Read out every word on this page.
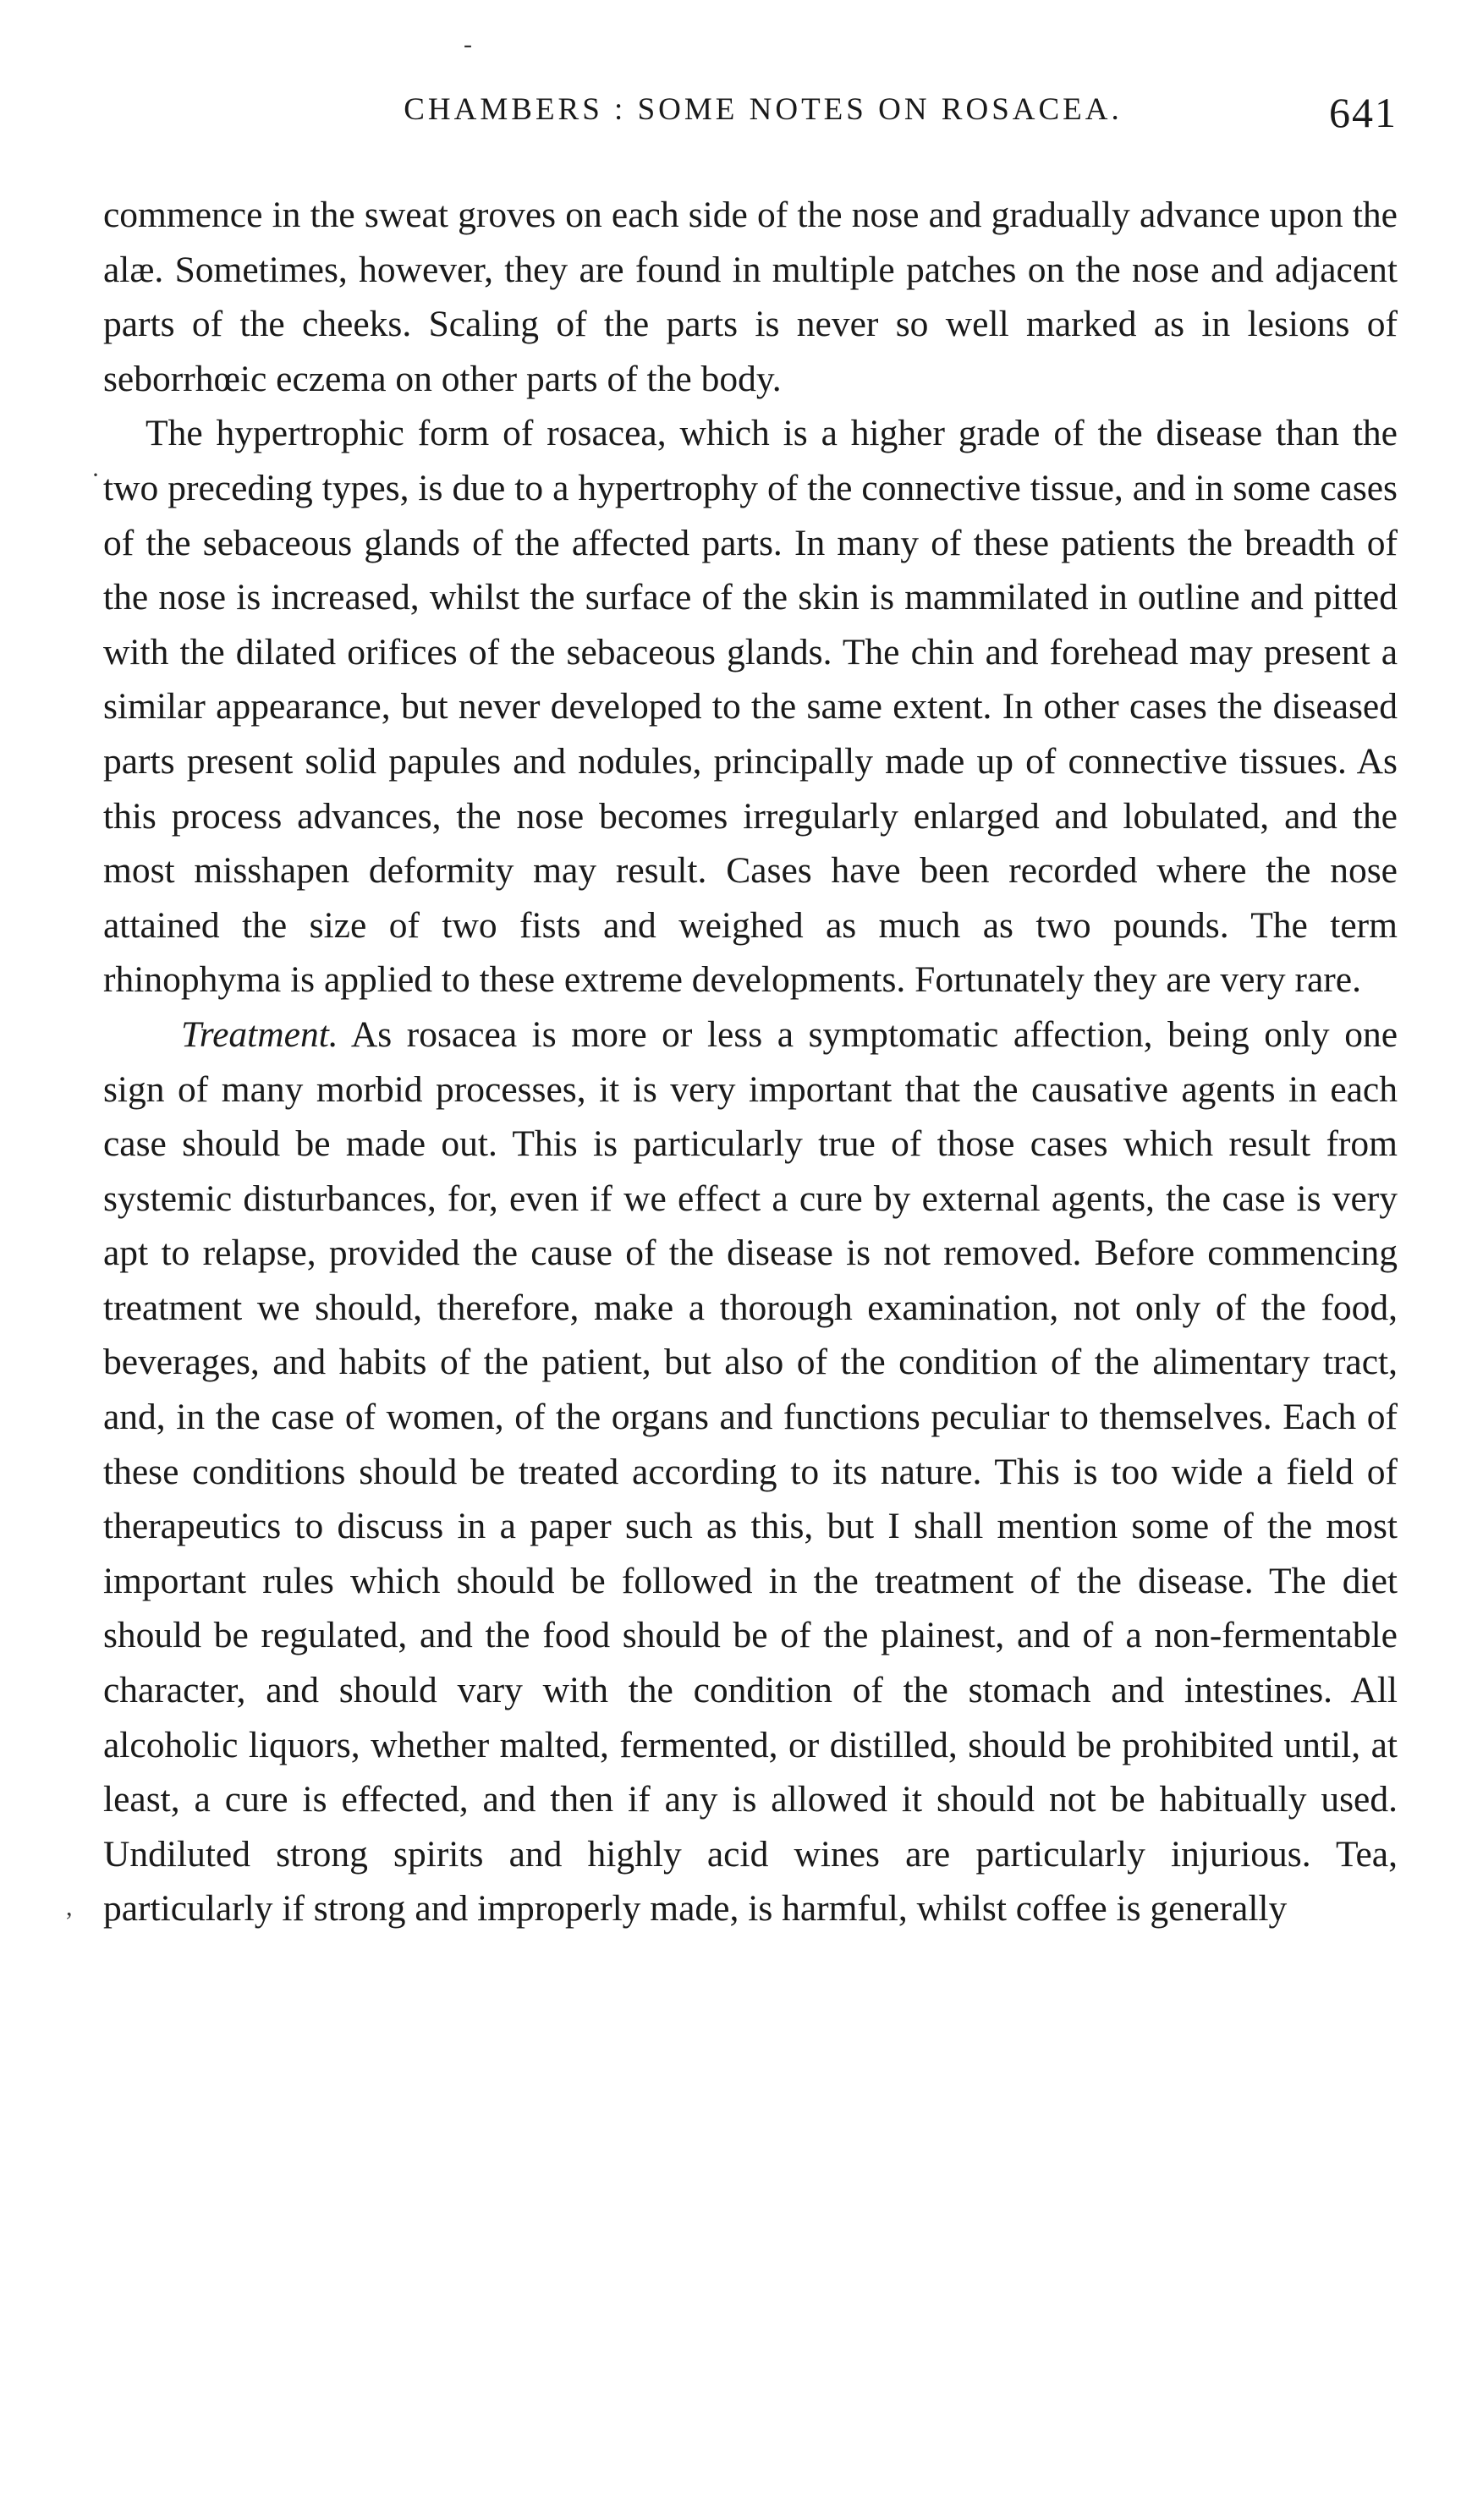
CHAMBERS : SOME NOTES ON ROSACEA.	641

commence in the sweat groves on each side of the nose and gradually advance upon the alæ. Sometimes, however, they are found in multiple patches on the nose and adjacent parts of the cheeks. Scaling of the parts is never so well marked as in lesions of seborrhœic eczema on other parts of the body.

The hypertrophic form of rosacea, which is a higher grade of the disease than the two preceding types, is due to a hypertrophy of the connective tissue, and in some cases of the sebaceous glands of the affected parts. In many of these patients the breadth of the nose is increased, whilst the surface of the skin is mammilated in outline and pitted with the dilated orifices of the sebaceous glands. The chin and forehead may present a similar appearance, but never developed to the same extent. In other cases the diseased parts present solid papules and nodules, principally made up of connective tissues. As this process advances, the nose becomes irregularly enlarged and lobulated, and the most misshapen deformity may result. Cases have been recorded where the nose attained the size of two fists and weighed as much as two pounds. The term rhinophyma is applied to these extreme developments. Fortunately they are very rare.

Treatment. As rosacea is more or less a symptomatic affection, being only one sign of many morbid processes, it is very important that the causative agents in each case should be made out. This is particularly true of those cases which result from systemic disturbances, for, even if we effect a cure by external agents, the case is very apt to relapse, provided the cause of the disease is not removed. Before commencing treatment we should, therefore, make a thorough examination, not only of the food, beverages, and habits of the patient, but also of the condition of the alimentary tract, and, in the case of women, of the organs and functions peculiar to themselves. Each of these conditions should be treated according to its nature. This is too wide a field of therapeutics to discuss in a paper such as this, but I shall mention some of the most important rules which should be followed in the treatment of the disease. The diet should be regulated, and the food should be of the plainest, and of a non-fermentable character, and should vary with the condition of the stomach and intestines. All alcoholic liquors, whether malted, fermented, or distilled, should be prohibited until, at least, a cure is effected, and then if any is allowed it should not be habitually used. Undiluted strong spirits and highly acid wines are particularly injurious. Tea, particularly if strong and improperly made, is harmful, whilst coffee is generally

-
·
,
